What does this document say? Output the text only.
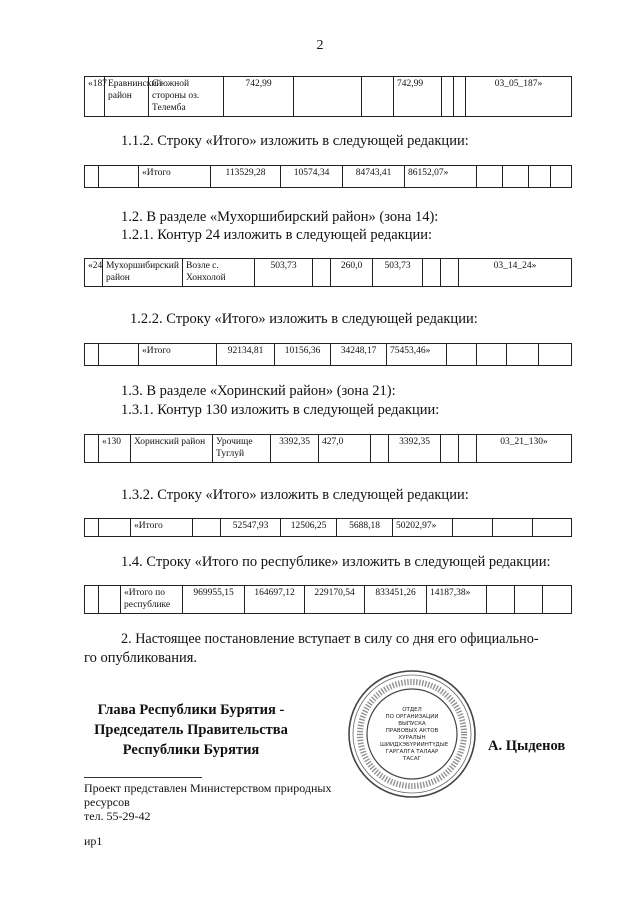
2
«187	Еравнинский район	С южной стороны оз. Телемба	742,99			742,99			03_05_187»
1.1.2. Строку «Итого» изложить в следующей редакции:
		«Итого	113529,28	10574,34	84743,41	86152,07»				
1.2. В разделе «Мухоршибирский район» (зона 14):
1.2.1. Контур 24 изложить в следующей редакции:
«24	Мухоршибирский район	Возле с. Хонхолой	503,73		260,0	503,73			03_14_24»
1.2.2. Строку «Итого» изложить в следующей редакции:
		«Итого	92134,81	10156,36	34248,17	75453,46»				
1.3. В разделе «Хоринский район» (зона 21):
1.3.1. Контур 130 изложить в следующей редакции:
	«130	Хоринский район	Урочище Туглуй	3392,35	427,0		3392,35			03_21_130»
1.3.2. Строку «Итого» изложить в следующей редакции:
		«Итого		52547,93	12506,25	5688,18	50202,97»			
1.4. Строку «Итого по республике» изложить в следующей редакции:
		«Итого по республике	969955,15	164697,12	229170,54	833451,26	14187,38»			
2. Настоящее постановление вступает в силу со дня его официально-
го опубликования.
Глава Республики Бурятия -
Председатель Правительства
Республики Бурятия
ОТДЕЛ
ПО ОРГАНИЗАЦИИ
ВЫПУСКА
ПРАВОВЫХ АКТОВ
ХУРАЛЫН
ШИИДХЭБҮРИИНТҮДЫЕ
ГАРГАЛГА ТАЛААР
ТАСАГ
А. Цыденов
Проект представлен Министерством природных
ресурсов
тел. 55-29-42
ир1
